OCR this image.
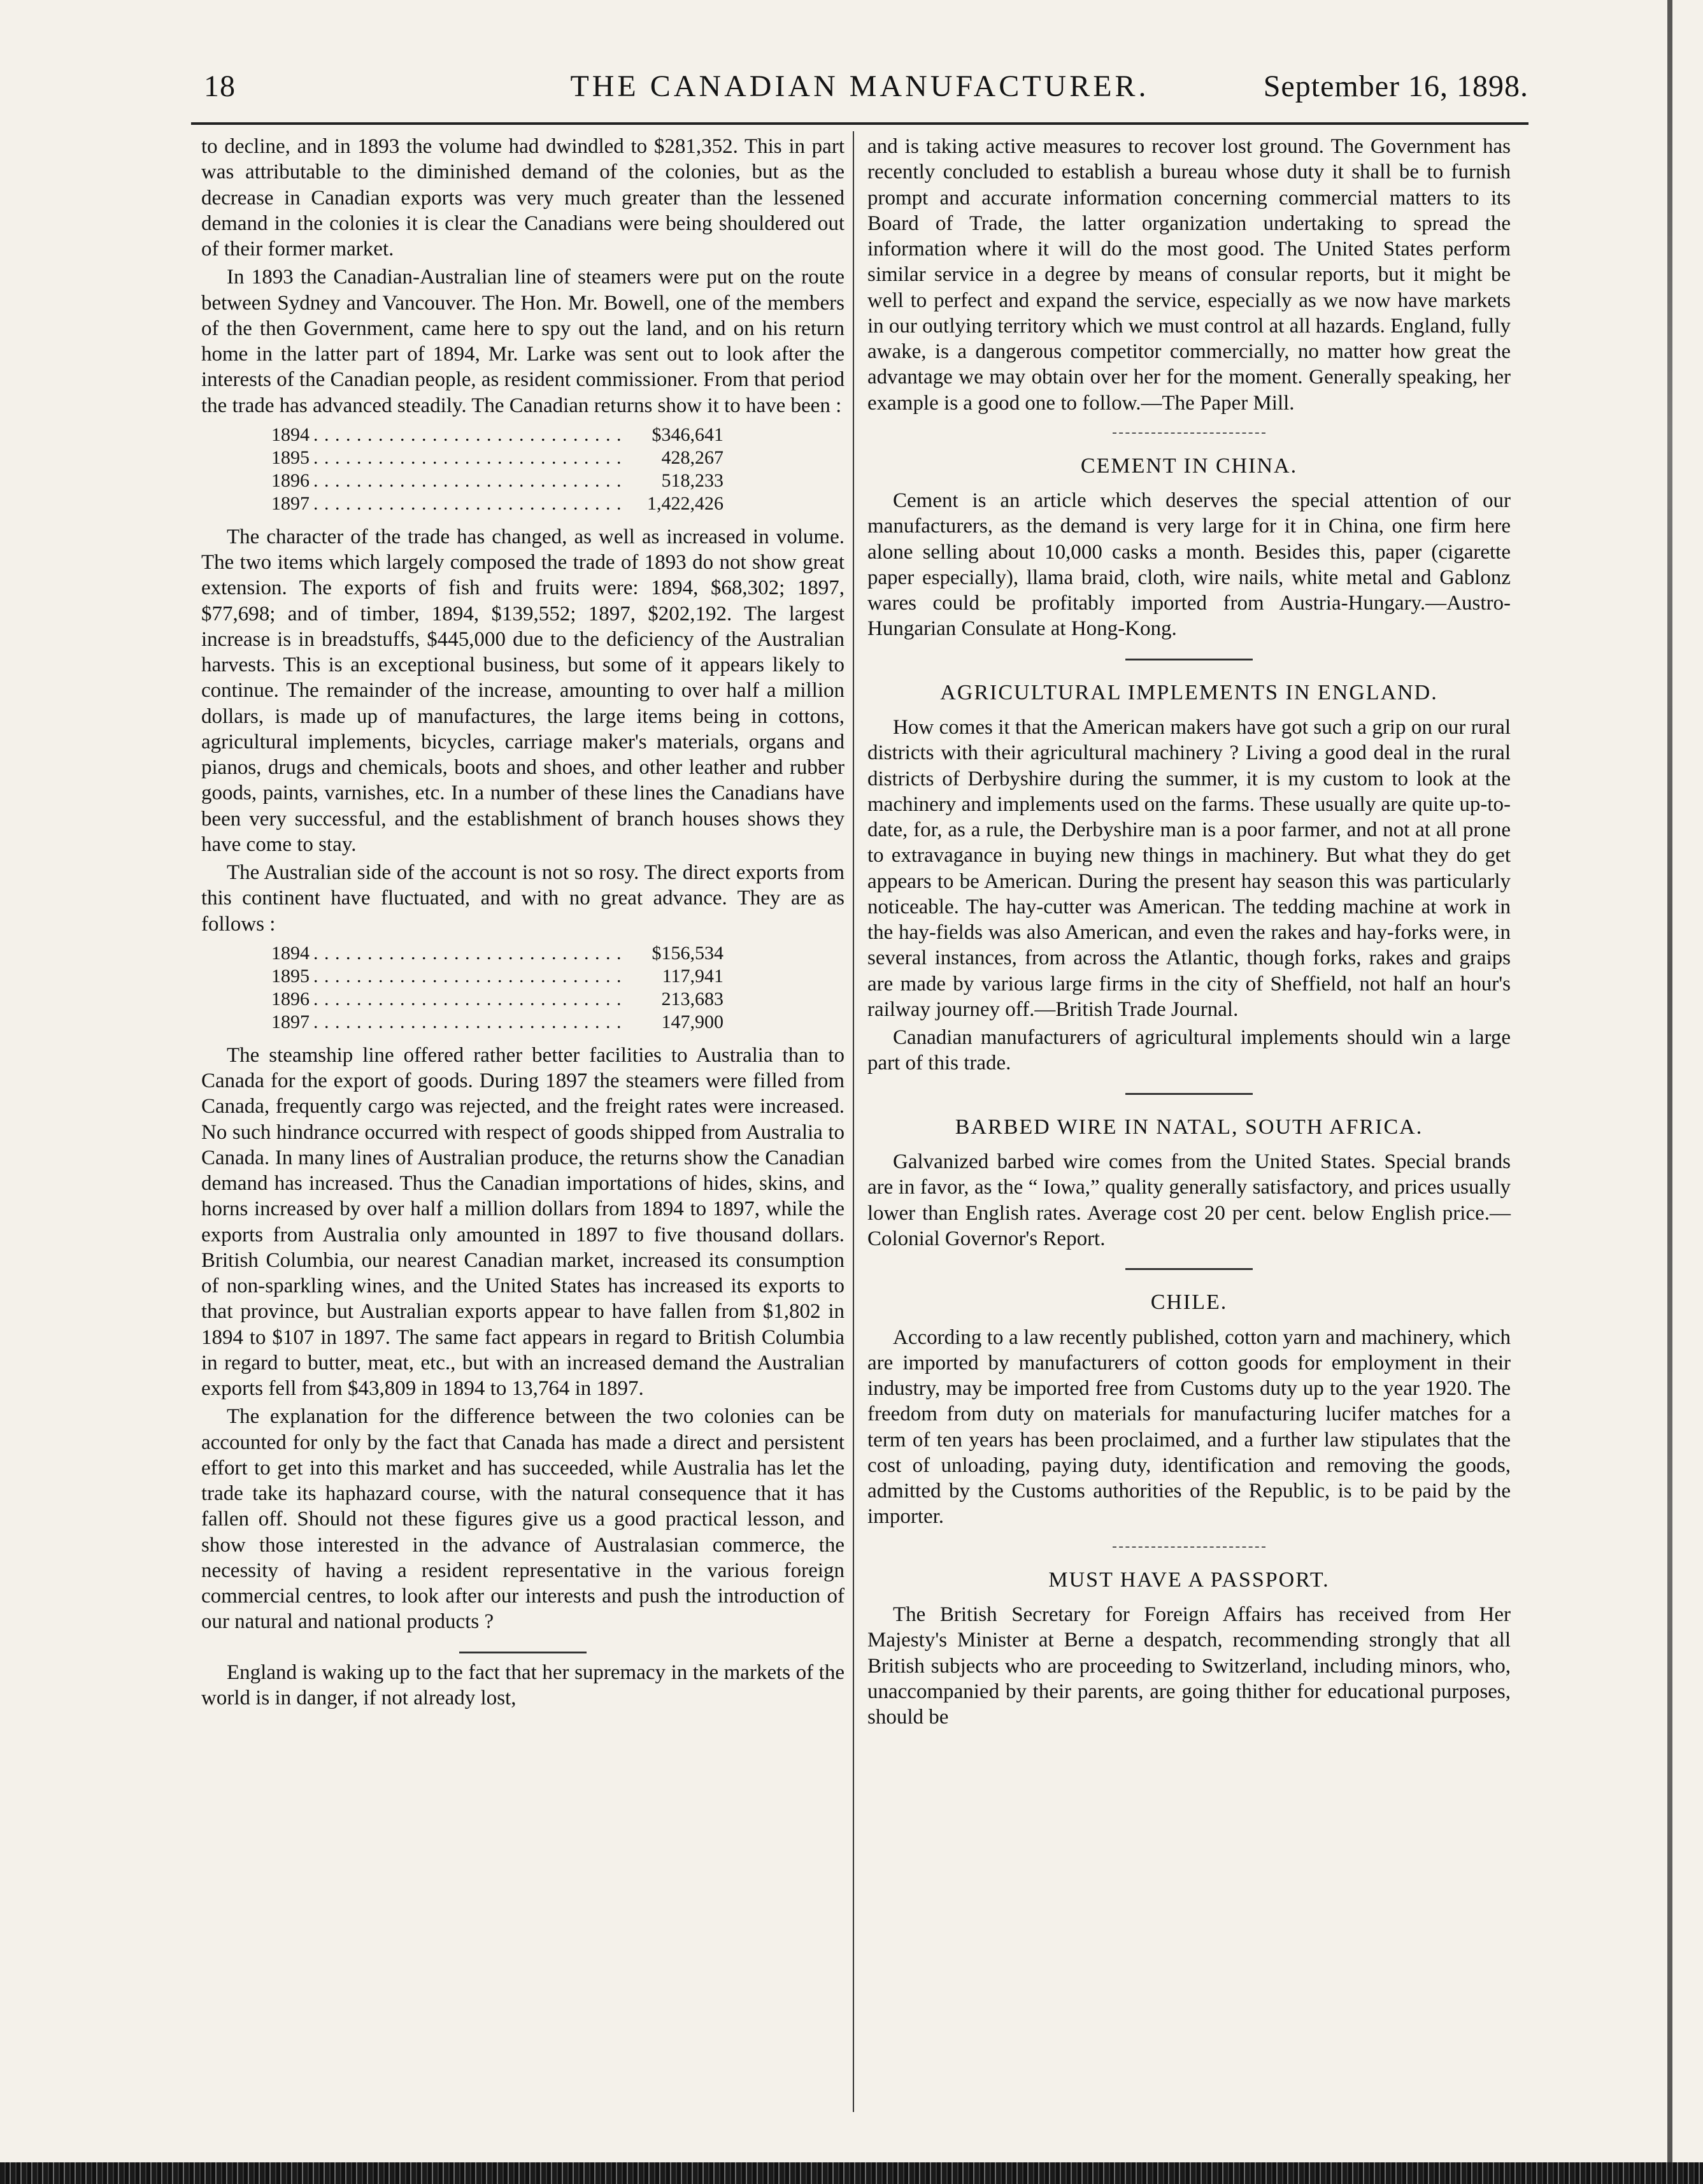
18	THE CANADIAN MANUFACTURER.	September 16, 1898.

to decline, and in 1893 the volume had dwindled to $281,352. This in part was attributable to the diminished demand of the colonies, but as the decrease in Canadian exports was very much greater than the lessened demand in the colonies it is clear the Canadians were being shouldered out of their former market.

In 1893 the Canadian-Australian line of steamers were put on the route between Sydney and Vancouver. The Hon. Mr. Bowell, one of the members of the then Government, came here to spy out the land, and on his return home in the latter part of 1894, Mr. Larke was sent out to look after the interests of the Canadian people, as resident commissioner. From that period the trade has advanced steadily. The Canadian returns show it to have been :

1894 . . .	$346,641
1895 . . .	428,267
1896 . . .	518,233
1897 . . .	1,422,426

The character of the trade has changed, as well as increased in volume. The two items which largely composed the trade of 1893 do not show great extension. The exports of fish and fruits were: 1894, $68,302; 1897, $77,698; and of timber, 1894, $139,552; 1897, $202,192. The largest increase is in breadstuffs, $445,000 due to the deficiency of the Australian harvests. This is an exceptional business, but some of it appears likely to continue. The remainder of the increase, amounting to over half a million dollars, is made up of manufactures, the large items being in cottons, agricultural implements, bicycles, carriage maker's materials, organs and pianos, drugs and chemicals, boots and shoes, and other leather and rubber goods, paints, varnishes, etc. In a number of these lines the Canadians have been very successful, and the establishment of branch houses shows they have come to stay.

The Australian side of the account is not so rosy. The direct exports from this continent have fluctuated, and with no great advance. They are as follows :

1894 . . .	$156,534
1895 . . .	117,941
1896 . . .	213,683
1897 . . .	147,900

The steamship line offered rather better facilities to Australia than to Canada for the export of goods. During 1897 the steamers were filled from Canada, frequently cargo was rejected, and the freight rates were increased. No such hindrance occurred with respect of goods shipped from Australia to Canada. In many lines of Australian produce, the returns show the Canadian demand has increased. Thus the Canadian importations of hides, skins, and horns increased by over half a million dollars from 1894 to 1897, while the exports from Australia only amounted in 1897 to five thousand dollars. British Columbia, our nearest Canadian market, increased its consumption of non-sparkling wines, and the United States has increased its exports to that province, but Australian exports appear to have fallen from $1,802 in 1894 to $107 in 1897. The same fact appears in regard to British Columbia in regard to butter, meat, etc., but with an increased demand the Australian exports fell from $43,809 in 1894 to 13,764 in 1897.

The explanation for the difference between the two colonies can be accounted for only by the fact that Canada has made a direct and persistent effort to get into this market and has succeeded, while Australia has let the trade take its haphazard course, with the natural consequence that it has fallen off. Should not these figures give us a good practical lesson, and show those interested in the advance of Australasian commerce, the necessity of having a resident representative in the various foreign commercial centres, to look after our interests and push the introduction of our natural and national products ?

England is waking up to the fact that her supremacy in the markets of the world is in danger, if not already lost,

and is taking active measures to recover lost ground. The Government has recently concluded to establish a bureau whose duty it shall be to furnish prompt and accurate information concerning commercial matters to its Board of Trade, the latter organization undertaking to spread the information where it will do the most good. The United States perform similar service in a degree by means of consular reports, but it might be well to perfect and expand the service, especially as we now have markets in our outlying territory which we must control at all hazards. England, fully awake, is a dangerous competitor commercially, no matter how great the advantage we may obtain over her for the moment. Generally speaking, her example is a good one to follow.—The Paper Mill.

CEMENT IN CHINA.

Cement is an article which deserves the special attention of our manufacturers, as the demand is very large for it in China, one firm here alone selling about 10,000 casks a month. Besides this, paper (cigarette paper especially), llama braid, cloth, wire nails, white metal and Gablonz wares could be profitably imported from Austria-Hungary.—Austro-Hungarian Consulate at Hong-Kong.

AGRICULTURAL IMPLEMENTS IN ENGLAND.

How comes it that the American makers have got such a grip on our rural districts with their agricultural machinery ? Living a good deal in the rural districts of Derbyshire during the summer, it is my custom to look at the machinery and implements used on the farms. These usually are quite up-to-date, for, as a rule, the Derbyshire man is a poor farmer, and not at all prone to extravagance in buying new things in machinery. But what they do get appears to be American. During the present hay season this was particularly noticeable. The hay-cutter was American. The tedding machine at work in the hay-fields was also American, and even the rakes and hay-forks were, in several instances, from across the Atlantic, though forks, rakes and graips are made by various large firms in the city of Sheffield, not half an hour's railway journey off.—British Trade Journal.

Canadian manufacturers of agricultural implements should win a large part of this trade.

BARBED WIRE IN NATAL, SOUTH AFRICA.

Galvanized barbed wire comes from the United States. Special brands are in favor, as the “ Iowa,” quality generally satisfactory, and prices usually lower than English rates. Average cost 20 per cent. below English price.—Colonial Governor's Report.

CHILE.

According to a law recently published, cotton yarn and machinery, which are imported by manufacturers of cotton goods for employment in their industry, may be imported free from Customs duty up to the year 1920. The freedom from duty on materials for manufacturing lucifer matches for a term of ten years has been proclaimed, and a further law stipulates that the cost of unloading, paying duty, identification and removing the goods, admitted by the Customs authorities of the Republic, is to be paid by the importer.

MUST HAVE A PASSPORT.

The British Secretary for Foreign Affairs has received from Her Majesty's Minister at Berne a despatch, recommending strongly that all British subjects who are proceeding to Switzerland, including minors, who, unaccompanied by their parents, are going thither for educational purposes, should be
